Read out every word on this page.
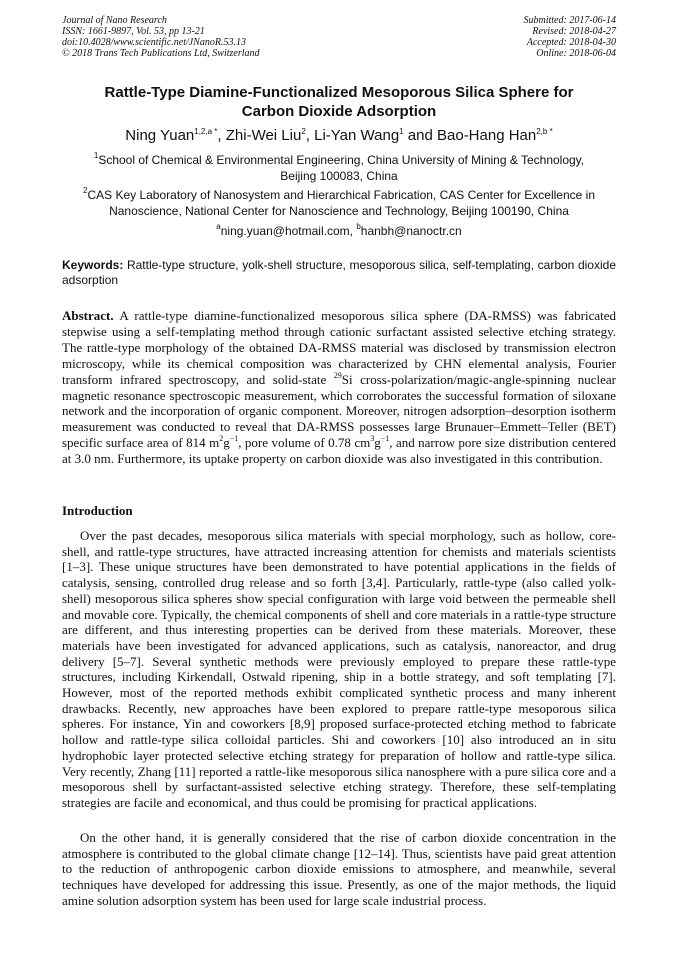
Journal of Nano Research
ISSN: 1661-9897, Vol. 53, pp 13-21
doi:10.4028/www.scientific.net/JNanoR.53.13
© 2018 Trans Tech Publications Ltd, Switzerland
Submitted: 2017-06-14
Revised: 2018-04-27
Accepted: 2018-04-30
Online: 2018-06-04
Rattle-Type Diamine-Functionalized Mesoporous Silica Sphere for
Carbon Dioxide Adsorption
Ning Yuan$^{1,2,a *}$, Zhi-Wei Liu$^2$, Li-Yan Wang$^1$ and Bao-Hang Han$^{2,b *}$
$^1$School of Chemical & Environmental Engineering, China University of Mining & Technology,
Beijing 100083, China
$^2$CAS Key Laboratory of Nanosystem and Hierarchical Fabrication, CAS Center for Excellence in
Nanoscience, National Center for Nanoscience and Technology, Beijing 100190, China
$^a$ning.yuan@hotmail.com, $^b$hanbh@nanoctr.cn
Keywords: Rattle-type structure, yolk-shell structure, mesoporous silica, self-templating, carbon dioxide adsorption
Abstract. A rattle-type diamine-functionalized mesoporous silica sphere (DA-RMSS) was fabricated stepwise using a self-templating method through cationic surfactant assisted selective etching strategy. The rattle-type morphology of the obtained DA-RMSS material was disclosed by transmission electron microscopy, while its chemical composition was characterized by CHN elemental analysis, Fourier transform infrared spectroscopy, and solid-state $^{29}$Si cross-polarization/magic-angle-spinning nuclear magnetic resonance spectroscopic measurement, which corroborates the successful formation of siloxane network and the incorporation of organic component. Moreover, nitrogen adsorption–desorption isotherm measurement was conducted to reveal that DA-RMSS possesses large Brunauer–Emmett–Teller (BET) specific surface area of 814 $m^2g^{-1}$, pore volume of 0.78 $cm^3g^{-1}$, and narrow pore size distribution centered at 3.0 nm. Furthermore, its uptake property on carbon dioxide was also investigated in this contribution.
Introduction

Over the past decades, mesoporous silica materials with special morphology, such as hollow, core-shell, and rattle-type structures, have attracted increasing attention for chemists and materials scientists [1–3]. These unique structures have been demonstrated to have potential applications in the fields of catalysis, sensing, controlled drug release and so forth [3,4]. Particularly, rattle-type (also called yolk-shell) mesoporous silica spheres show special configuration with large void between the permeable shell and movable core. Typically, the chemical components of shell and core materials in a rattle-type structure are different, and thus interesting properties can be derived from these materials. Moreover, these materials have been investigated for advanced applications, such as catalysis, nanoreactor, and drug delivery [5–7]. Several synthetic methods were previously employed to prepare these rattle-type structures, including Kirkendall, Ostwald ripening, ship in a bottle strategy, and soft templating [7]. However, most of the reported methods exhibit complicated synthetic process and many inherent drawbacks. Recently, new approaches have been explored to prepare rattle-type mesoporous silica spheres. For instance, Yin and coworkers [8,9] proposed surface-protected etching method to fabricate hollow and rattle-type silica colloidal particles. Shi and coworkers [10] also introduced an in situ hydrophobic layer protected selective etching strategy for preparation of hollow and rattle-type silica. Very recently, Zhang [11] reported a rattle-like mesoporous silica nanosphere with a pure silica core and a mesoporous shell by surfactant-assisted selective etching strategy. Therefore, these self-templating strategies are facile and economical, and thus could be promising for practical applications.

On the other hand, it is generally considered that the rise of carbon dioxide concentration in the atmosphere is contributed to the global climate change [12–14]. Thus, scientists have paid great attention to the reduction of anthropogenic carbon dioxide emissions to atmosphere, and meanwhile, several techniques have developed for addressing this issue. Presently, as one of the major methods, the liquid amine solution adsorption system has been used for large scale industrial process.
